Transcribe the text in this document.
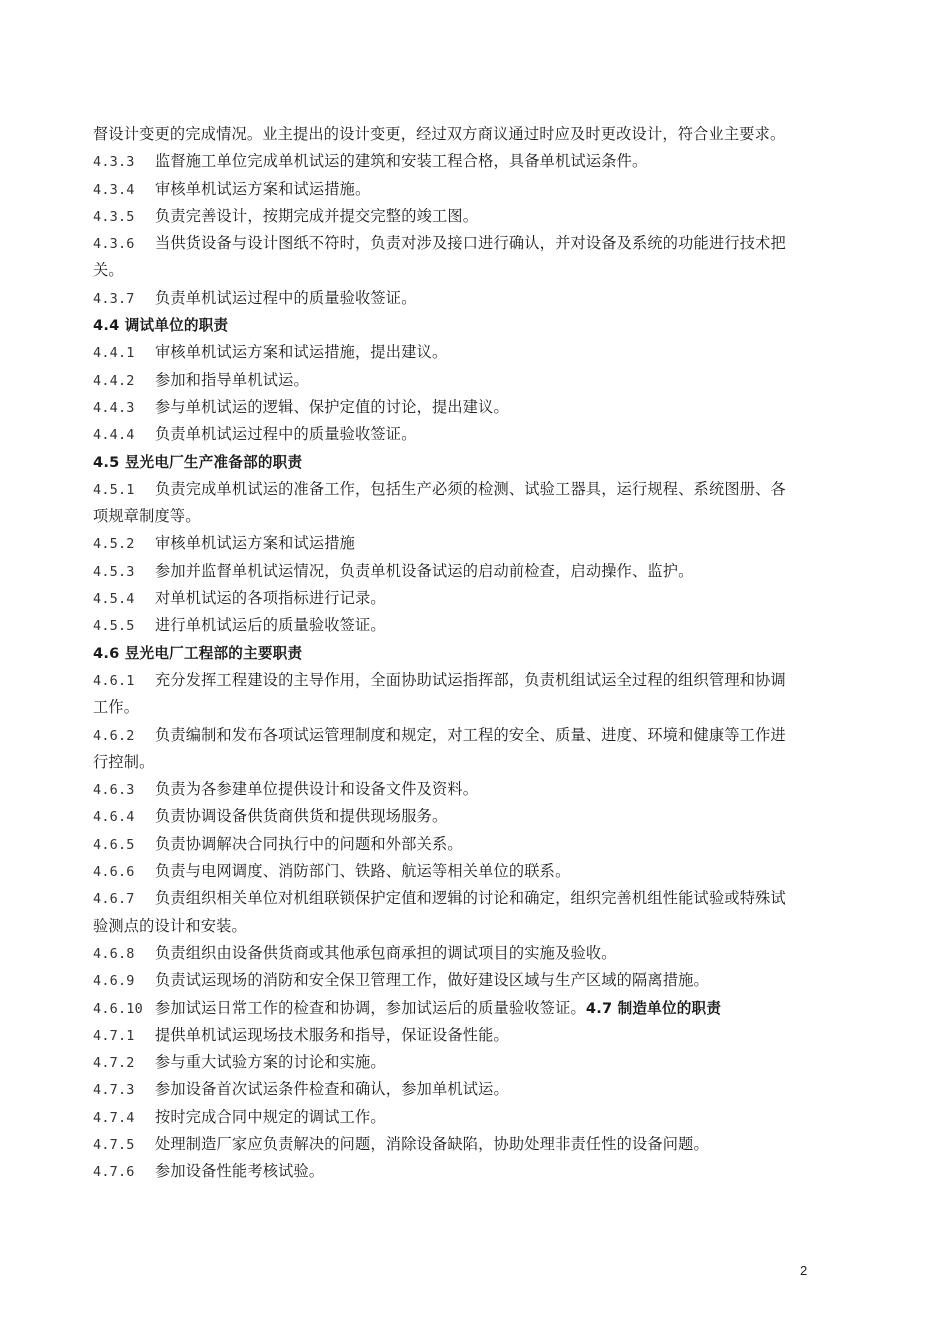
督设计变更的完成情况。业主提出的设计变更，经过双方商议通过时应及时更改设计，符合业主要求。
4.3.3 监督施工单位完成单机试运的建筑和安装工程合格，具备单机试运条件。
4.3.4 审核单机试运方案和试运措施。
4.3.5 负责完善设计，按期完成并提交完整的竣工图。
4.3.6 当供货设备与设计图纸不符时，负责对涉及接口进行确认，并对设备及系统的功能进行技术把
关。
4.3.7 负责单机试运过程中的质量验收签证。
4.4 调试单位的职责
4.4.1 审核单机试运方案和试运措施，提出建议。
4.4.2 参加和指导单机试运。
4.4.3 参与单机试运的逻辑、保护定值的讨论，提出建议。
4.4.4 负责单机试运过程中的质量验收签证。
4.5 昱光电厂生产准备部的职责
4.5.1 负责完成单机试运的准备工作，包括生产必须的检测、试验工器具，运行规程、系统图册、各
项规章制度等。
4.5.2 审核单机试运方案和试运措施
4.5.3 参加并监督单机试运情况，负责单机设备试运的启动前检查，启动操作、监护。
4.5.4 对单机试运的各项指标进行记录。
4.5.5 进行单机试运后的质量验收签证。
4.6 昱光电厂工程部的主要职责
4.6.1 充分发挥工程建设的主导作用，全面协助试运指挥部，负责机组试运全过程的组织管理和协调
工作。
4.6.2 负责编制和发布各项试运管理制度和规定，对工程的安全、质量、进度、环境和健康等工作进
行控制。
4.6.3 负责为各参建单位提供设计和设备文件及资料。
4.6.4 负责协调设备供货商供货和提供现场服务。
4.6.5 负责协调解决合同执行中的问题和外部关系。
4.6.6 负责与电网调度、消防部门、铁路、航运等相关单位的联系。
4.6.7 负责组织相关单位对机组联锁保护定值和逻辑的讨论和确定，组织完善机组性能试验或特殊试
验测点的设计和安装。
4.6.8 负责组织由设备供货商或其他承包商承担的调试项目的实施及验收。
4.6.9 负责试运现场的消防和安全保卫管理工作，做好建设区域与生产区域的隔离措施。
4.6.10 参加试运日常工作的检查和协调，参加试运后的质量验收签证。4.7 制造单位的职责
4.7.1 提供单机试运现场技术服务和指导，保证设备性能。
4.7.2 参与重大试验方案的讨论和实施。
4.7.3 参加设备首次试运条件检查和确认，参加单机试运。
4.7.4 按时完成合同中规定的调试工作。
4.7.5 处理制造厂家应负责解决的问题，消除设备缺陷，协助处理非责任性的设备问题。
4.7.6 参加设备性能考核试验。
2
